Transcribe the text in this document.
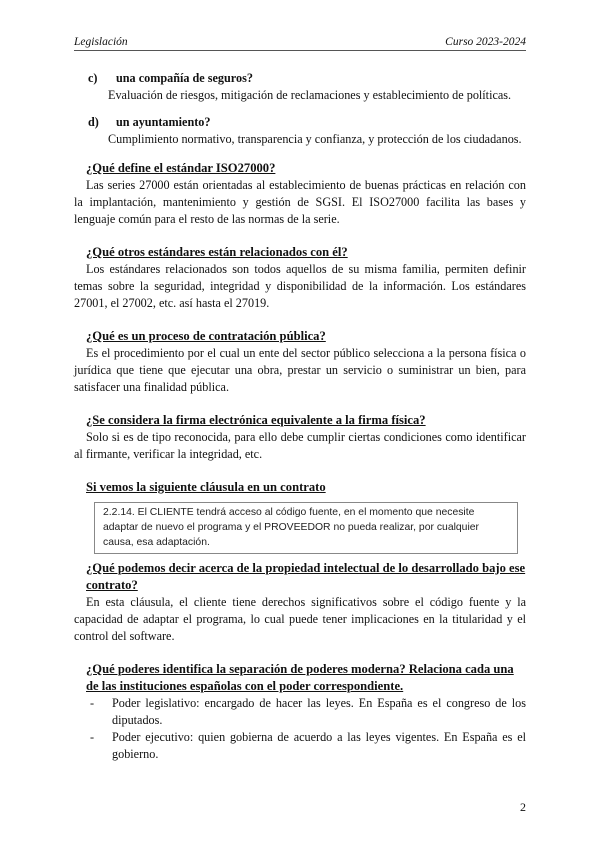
Legislación	Curso 2023-2024
c)	una compañía de seguros?
Evaluación de riesgos, mitigación de reclamaciones y establecimiento de políticas.
d)	un ayuntamiento?
Cumplimiento normativo, transparencia y confianza, y protección de los ciudadanos.
¿Qué define el estándar ISO27000?

Las series 27000 están orientadas al establecimiento de buenas prácticas en relación con la implantación, mantenimiento y gestión de SGSI. El ISO27000 facilita las bases y lenguaje común para el resto de las normas de la serie.

¿Qué otros estándares están relacionados con él?

Los estándares relacionados son todos aquellos de su misma familia, permiten definir temas sobre la seguridad, integridad y disponibilidad de la información. Los estándares 27001, el 27002, etc. así hasta el 27019.

¿Qué es un proceso de contratación pública?

Es el procedimiento por el cual un ente del sector público selecciona a la persona física o jurídica que tiene que ejecutar una obra, prestar un servicio o suministrar un bien, para satisfacer una finalidad pública.

¿Se considera la firma electrónica equivalente a la firma física?

Solo si es de tipo reconocida, para ello debe cumplir ciertas condiciones como identificar al firmante, verificar la integridad, etc.

Si vemos la siguiente cláusula en un contrato
2.2.14. El CLIENTE tendrá acceso al código fuente, en el momento que necesite adaptar de nuevo el programa y el PROVEEDOR no pueda realizar, por cualquier causa, esa adaptación.
¿Qué podemos decir acerca de la propiedad intelectual de lo desarrollado bajo ese contrato?

En esta cláusula, el cliente tiene derechos significativos sobre el código fuente y la capacidad de adaptar el programa, lo cual puede tener implicaciones en la titularidad y el control del software.

¿Qué poderes identifica la separación de poderes moderna? Relaciona cada una de las instituciones españolas con el poder correspondiente.
-	Poder legislativo: encargado de hacer las leyes. En España es el congreso de los diputados.
-	Poder ejecutivo: quien gobierna de acuerdo a las leyes vigentes. En España es el gobierno.
2
